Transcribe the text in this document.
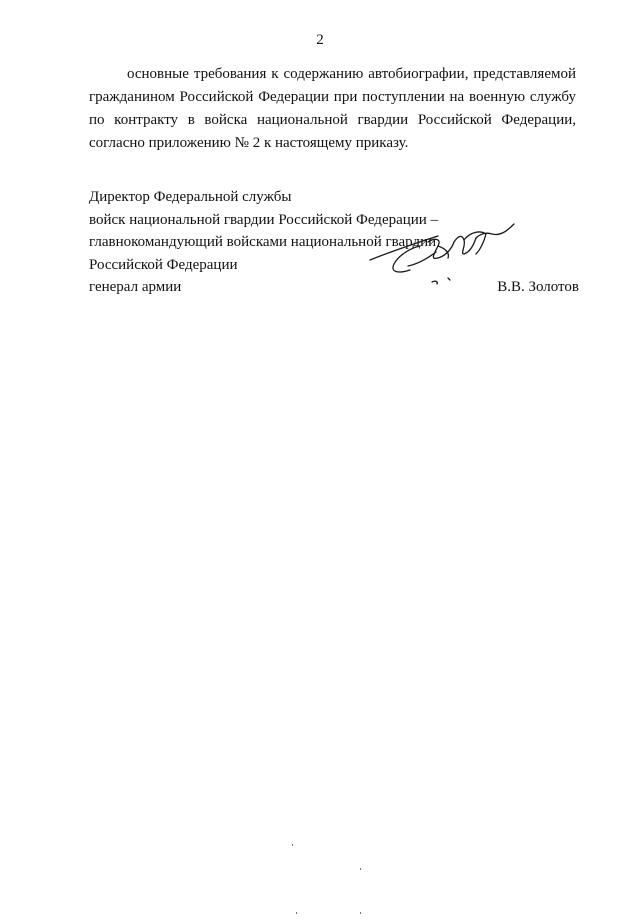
2
основные требования к содержанию автобиографии, представляемой
гражданином Российской Федерации при поступлении на военную службу
по контракту в войска национальной гвардии Российской Федерации,
согласно приложению № 2 к настоящему приказу.
Директор Федеральной службы
войск национальной гвардии Российской Федерации –
главнокомандующий войсками национальной гвардии
Российской Федерации
генерал армии	В.В. Золотов
